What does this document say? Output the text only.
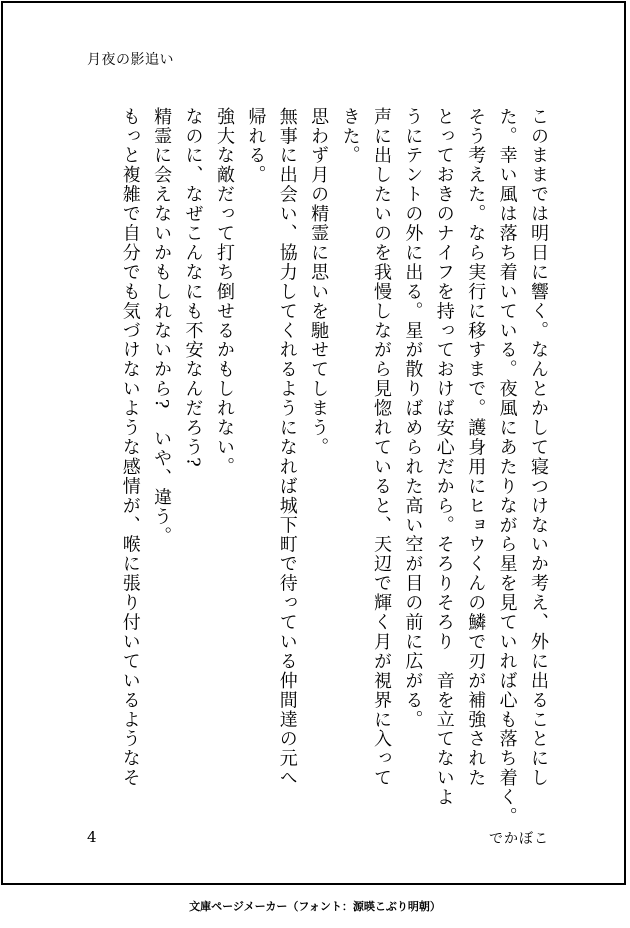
月夜の影追い
このままでは明日に響く。なんとかして寝つけないか考え、外に出ることにし
た。幸い風は落ち着いている。夜風にあたりながら星を見ていれば心も落ち着く。
そう考えた。なら実行に移すまで。護身用にヒョウくんの鱗で刃が補強された
とっておきのナイフを持っておけば安心だから。そろりそろり　音を立てないよ
うにテントの外に出る。星が散りばめられた高い空が目の前に広がる。
声に出したいのを我慢しながら見惚れていると、天辺で輝く月が視界に入って
きた。
思わず月の精霊に思いを馳せてしまう。
無事に出会い、協力してくれるようになれば城下町で待っている仲間達の元へ
帰れる。
強大な敵だって打ち倒せるかもしれない。
なのに、なぜこんなにも不安なんだろう?
精霊に会えないかもしれないから?　いや、違う。
もっと複雑で自分でも気づけないような感情が、喉に張り付いているようなそ
4	でかぼこ
文庫ページメーカー（フォント：源暎こぶり明朝）
